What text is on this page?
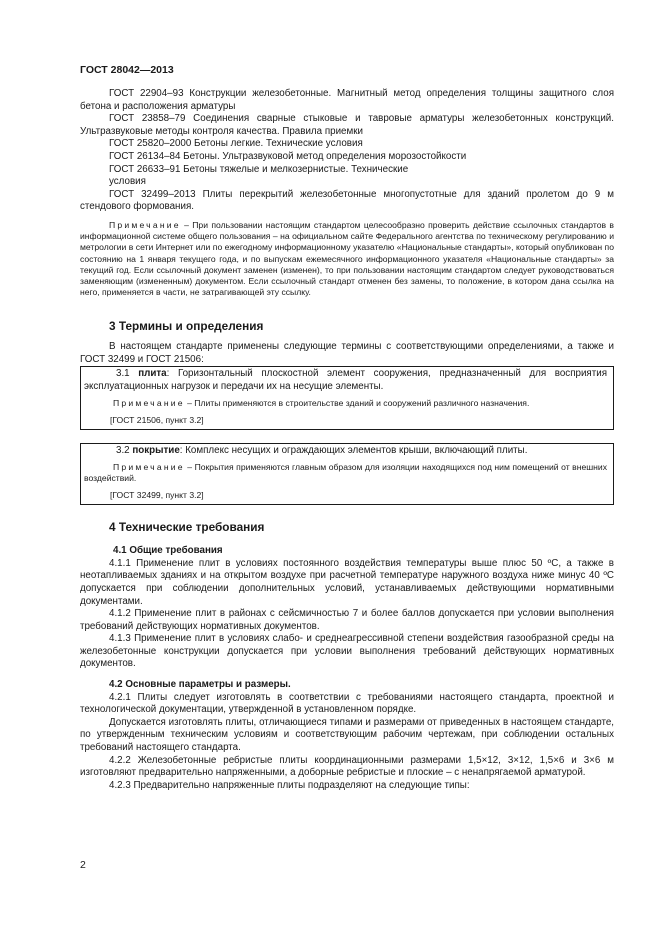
ГОСТ 28042—2013

ГОСТ 22904–93 Конструкции железобетонные. Магнитный метод определения толщины защитного слоя бетона и расположения арматуры

ГОСТ 23858–79 Соединения сварные стыковые и тавровые арматуры железобетонных конструкций. Ультразвуковые методы контроля качества. Правила приемки

ГОСТ 25820–2000 Бетоны легкие. Технические условия

ГОСТ 26134–84 Бетоны. Ультразвуковой метод определения морозостойкости

ГОСТ 26633–91 Бетоны тяжелые и мелкозернистые. Технические

условия

ГОСТ 32499–2013 Плиты перекрытий железобетонные многопустотные для зданий пролетом до 9 м стендового формования.

Примечание – При пользовании настоящим стандартом целесообразно проверить действие ссылочных стандартов в информационной системе общего пользования – на официальном сайте Федерального агентства по техническому регулированию и метрологии в сети Интернет или по ежегодному информационному указателю «Национальные стандарты», который опубликован по состоянию на 1 января текущего года, и по выпускам ежемесячного информационного указателя «Национальные стандарты» за текущий год. Если ссылочный документ заменен (изменен), то при пользовании настоящим стандартом следует руководствоваться заменяющим (измененным) документом. Если ссылочный стандарт отменен без замены, то положение, в котором дана ссылка на него, применяется в части, не затрагивающей эту ссылку.

3 Термины и определения

В настоящем стандарте применены следующие термины с соответствующими определениями, а также и ГОСТ 32499 и ГОСТ 21506:

3.1 плита: Горизонтальный плоскостной элемент сооружения, предназначенный для восприятия эксплуатационных нагрузок и передачи их на несущие элементы.

Примечание – Плиты применяются в строительстве зданий и сооружений различного назначения.

[ГОСТ 21506, пункт 3.2]

3.2 покрытие: Комплекс несущих и ограждающих элементов крыши, включающий плиты.

Примечание – Покрытия применяются главным образом для изоляции находящихся под ним помещений от внешних воздействий.

[ГОСТ 32499, пункт 3.2]

4 Технические требования

4.1 Общие требования

4.1.1 Применение плит в условиях постоянного воздействия температуры выше плюс 50 ºС, а также в неотапливаемых зданиях и на открытом воздухе при расчетной температуре наружного воздуха ниже минус 40 ºС допускается при соблюдении дополнительных условий, устанавливаемых действующими нормативными документами.

4.1.2 Применение плит в районах с сейсмичностью 7 и более баллов допускается при условии выполнения требований действующих нормативных документов.

4.1.3 Применение плит в условиях слабо- и среднеагрессивной степени воздействия газообразной среды на железобетонные конструкции допускается при условии выполнения требований действующих нормативных документов.

4.2 Основные параметры и размеры.

4.2.1 Плиты следует изготовлять в соответствии с требованиями настоящего стандарта, проектной и технологической документации, утвержденной в установленном порядке.

Допускается изготовлять плиты, отличающиеся типами и размерами от приведенных в настоящем стандарте, по утвержденным техническим условиям и соответствующим рабочим чертежам, при соблюдении остальных требований настоящего стандарта.

4.2.2 Железобетонные ребристые плиты координационными размерами 1,5×12, 3×12, 1,5×6 и 3×6 м изготовляют предварительно напряженными, а доборные ребристые и плоские – с ненапрягаемой арматурой.

4.2.3 Предварительно напряженные плиты подразделяют на следующие типы:

2
